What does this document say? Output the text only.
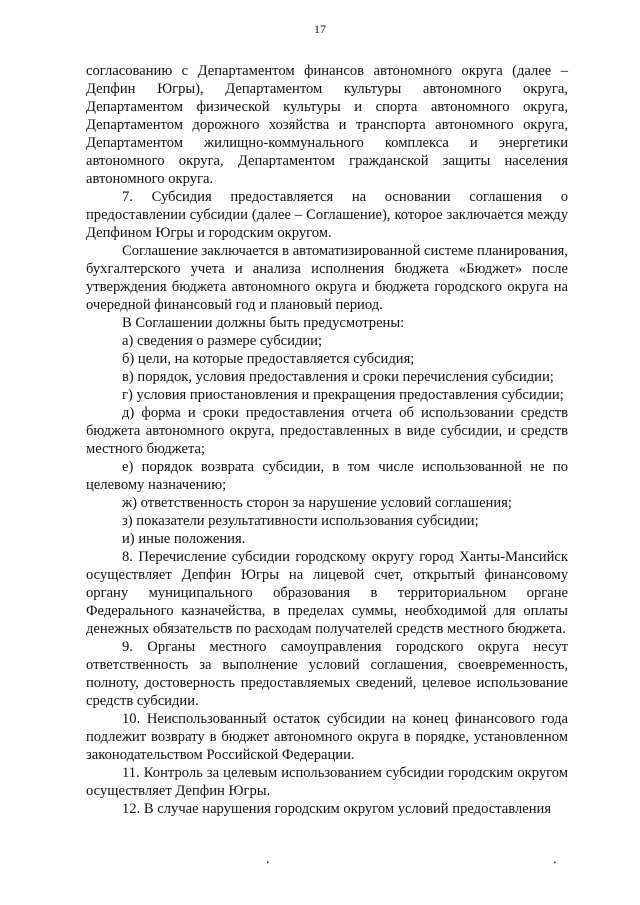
17

согласованию с Департаментом финансов автономного округа (далее – Депфин Югры), Департаментом культуры автономного округа, Департаментом физической культуры и спорта автономного округа, Департаментом дорожного хозяйства и транспорта автономного округа, Департаментом жилищно-коммунального комплекса и энергетики автономного округа, Департаментом гражданской защиты населения автономного округа.

7. Субсидия предоставляется на основании соглашения о предоставлении субсидии (далее – Соглашение), которое заключается между Депфином Югры и городским округом.

Соглашение заключается в автоматизированной системе планирования, бухгалтерского учета и анализа исполнения бюджета «Бюджет» после утверждения бюджета автономного округа и бюджета городского округа на очередной финансовый год и плановый период.

В Соглашении должны быть предусмотрены:

а) сведения о размере субсидии;

б) цели, на которые предоставляется субсидия;

в) порядок, условия предоставления и сроки перечисления субсидии;

г) условия приостановления и прекращения предоставления субсидии;

д) форма и сроки предоставления отчета об использовании средств бюджета автономного округа, предоставленных в виде субсидии, и средств местного бюджета;

е) порядок возврата субсидии, в том числе использованной не по целевому назначению;

ж) ответственность сторон за нарушение условий соглашения;

з) показатели результативности использования субсидии;

и) иные положения.

8. Перечисление субсидии городскому округу город Ханты-Мансийск осуществляет Депфин Югры на лицевой счет, открытый финансовому органу муниципального образования в территориальном органе Федерального казначейства, в пределах суммы, необходимой для оплаты денежных обязательств по расходам получателей средств местного бюджета.

9. Органы местного самоуправления городского округа несут ответственность за выполнение условий соглашения, своевременность, полноту, достоверность предоставляемых сведений, целевое использование средств субсидии.

10. Неиспользованный остаток субсидии на конец финансового года подлежит возврату в бюджет автономного округа в порядке, установленном законодательством Российской Федерации.

11. Контроль за целевым использованием субсидии городским округом осуществляет Депфин Югры.

12. В случае нарушения городским округом условий предоставления

.	.
